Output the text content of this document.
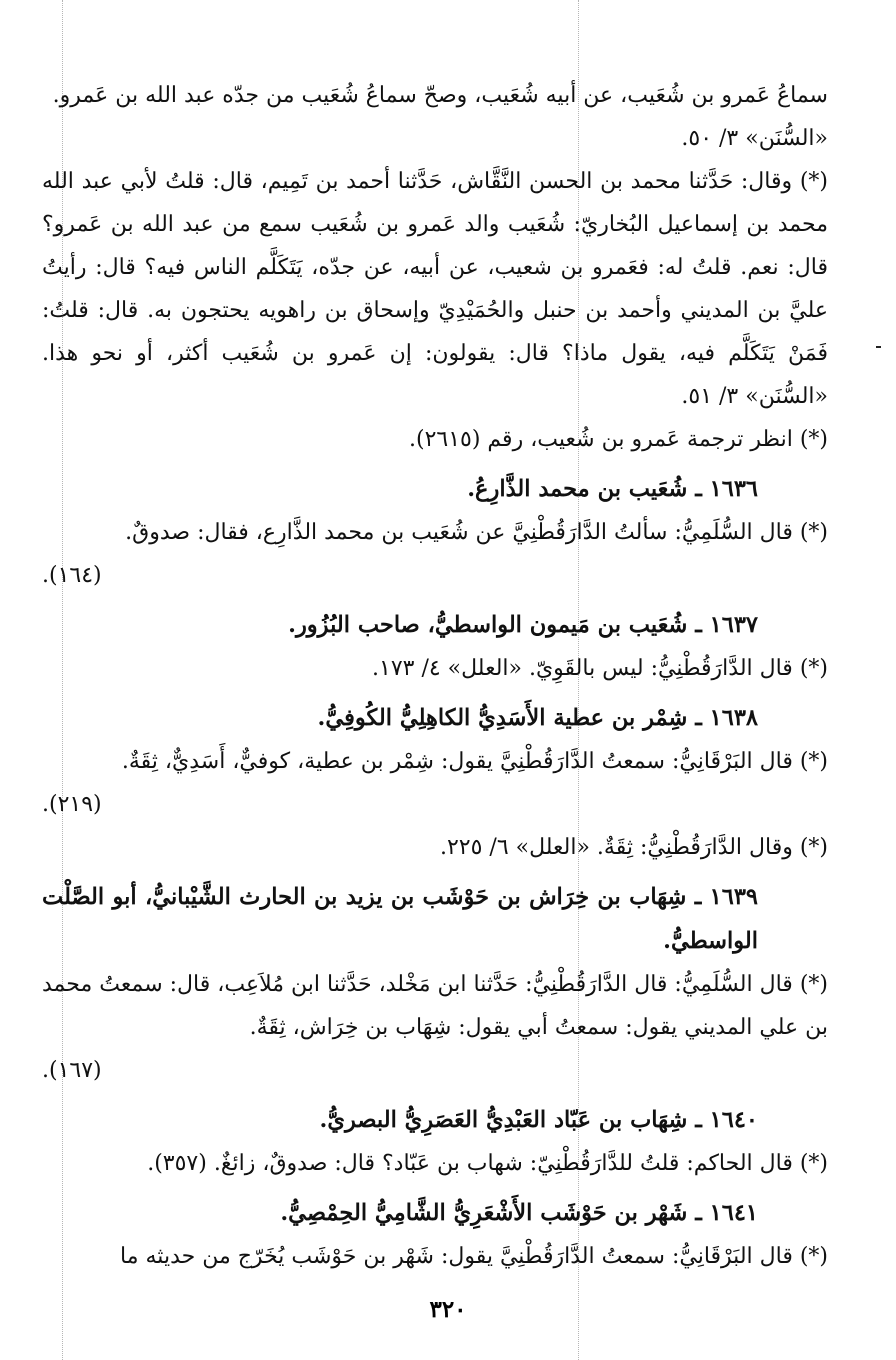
سماعُ عَمرو بن شُعَيب، عن أبيه شُعَيب، وصحّ سماعُ شُعَيب من جدّه عبد الله بن عَمرو.

«السُّنَن» ٣/ ٥٠.

(*) وقال: حَدَّثنا محمد بن الحسن النَّقَّاش، حَدَّثنا أحمد بن تَمِيم، قال: قلتُ لأبي عبد الله محمد بن إسماعيل البُخاريّ: شُعَيب والد عَمرو بن شُعَيب سمع من عبد الله بن عَمرو؟ قال: نعم. قلتُ له: فعَمرو بن شعيب، عن أبيه، عن جدّه، يَتَكَلَّم الناس فيه؟ قال: رأيتُ عليَّ بن المديني وأحمد بن حنبل والحُمَيْدِيّ وإسحاق بن راهويه يحتجون به. قال: قلتُ: فَمَنْ يَتَكَلَّم فيه، يقول ماذا؟ قال: يقولون: إن عَمرو بن شُعَيب أكثر، أو نحو هذا. «السُّنَن» ٣/ ٥١.

(*) انظر ترجمة عَمرو بن شُعيب، رقم (٢٦١٥).

١٦٣٦ ـ شُعَيب بن محمد الذَّارِعُ.

(*) قال السُّلَمِيُّ: سألتُ الدَّارَقُطْنِيَّ عن شُعَيب بن محمد الذَّارِع، فقال: صدوقٌ.

(١٦٤).

١٦٣٧ ـ شُعَيب بن مَيمون الواسطيُّ، صاحب البُزُور.

(*) قال الدَّارَقُطْنِيُّ: ليس بالقَوِيّ. «العلل» ٤/ ١٧٣.

١٦٣٨ ـ شِمْر بن عطية الأَسَدِيُّ الكاهِلِيُّ الكُوفِيُّ.

(*) قال البَرْقَانِيُّ: سمعتُ الدَّارَقُطْنِيَّ يقول: شِمْر بن عطية، كوفيٌّ، أَسَدِيٌّ، ثِقَةٌ.

(٢١٩).

(*) وقال الدَّارَقُطْنِيُّ: ثِقَةٌ. «العلل» ٦/ ٢٢٥.

١٦٣٩ ـ شِهَاب بن خِرَاش بن حَوْشَب بن يزيد بن الحارث الشَّيْبانيُّ، أبو الصَّلْت الواسطيُّ.

(*) قال السُّلَمِيُّ: قال الدَّارَقُطْنِيُّ: حَدَّثنا ابن مَخْلد، حَدَّثنا ابن مُلاَعِب، قال: سمعتُ محمد بن علي المديني يقول: سمعتُ أبي يقول: شِهَاب بن خِرَاش، ثِقَةٌ.

(١٦٧).

١٦٤٠ ـ شِهَاب بن عَبّاد العَبْدِيُّ العَصَرِيُّ البصريُّ.

(*) قال الحاكم: قلتُ للدَّارَقُطْنِيّ: شهاب بن عَبّاد؟ قال: صدوقٌ، زائغٌ. (٣٥٧).

١٦٤١ ـ شَهْر بن حَوْشَب الأَشْعَرِيُّ الشَّامِيُّ الحِمْصِيُّ.

(*) قال البَرْقَانِيُّ: سمعتُ الدَّارَقُطْنِيَّ يقول: شَهْر بن حَوْشَب يُخَرّج من حديثه ما

٣٢٠
